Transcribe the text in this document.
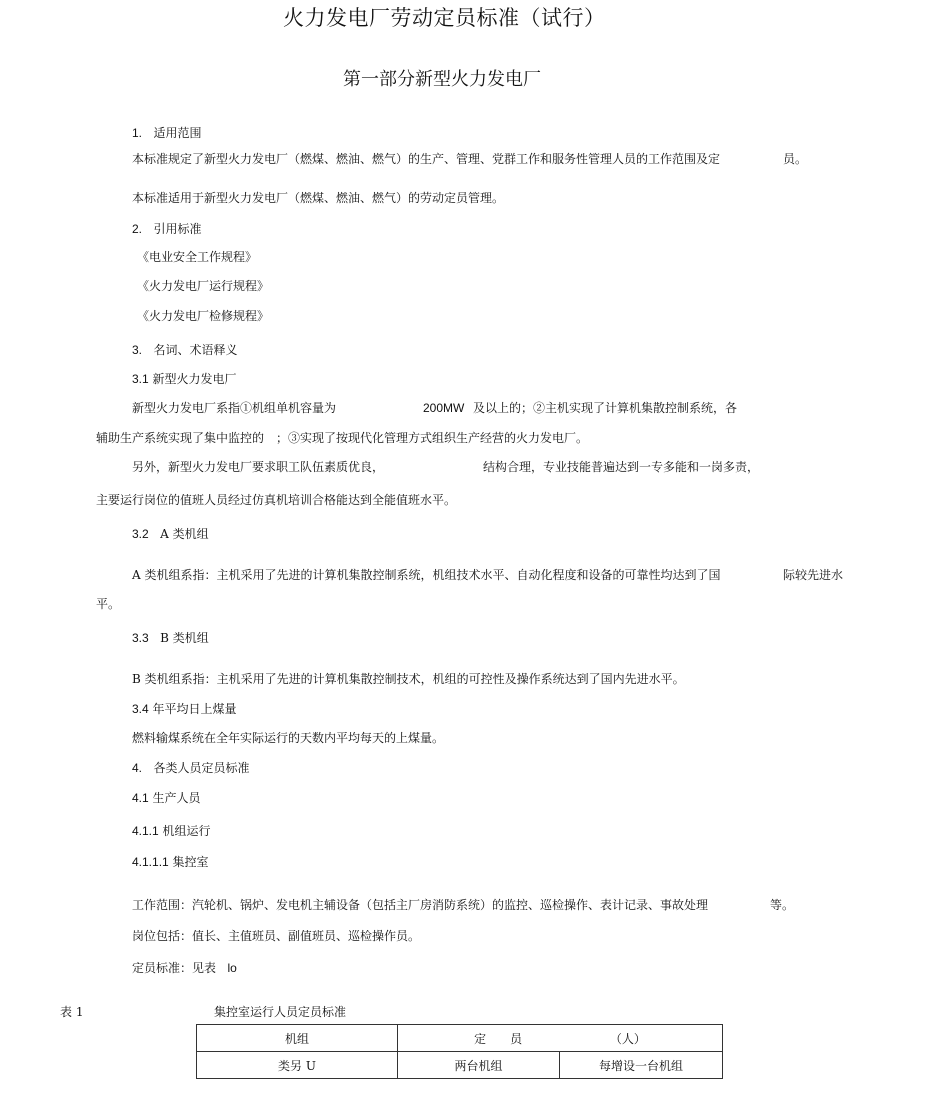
火力发电厂劳动定员标准（试行）

第一部分新型火力发电厂

1. 适用范围

本标准规定了新型火力发电厂（燃煤、燃油、燃气）的生产、管理、党群工作和服务性管理人员的工作范围及定	员。

本标准适用于新型火力发电厂（燃煤、燃油、燃气）的劳动定员管理。

2. 引用标准

《电业安全工作规程》

《火力发电厂运行规程》

《火力发电厂检修规程》

3. 名词、术语释义

3.1 新型火力发电厂

新型火力发电厂系指①机组单机容量为	200MW 及以上的；②主机实现了计算机集散控制系统，各

辅助生产系统实现了集中监控的　；③实现了按现代化管理方式组织生产经营的火力发电厂。

另外，新型火力发电厂要求职工队伍素质优良，	结构合理，专业技能普遍达到一专多能和一岗多责，

主要运行岗位的值班人员经过仿真机培训合格能达到全能值班水平。

3.2 A 类机组

A 类机组系指：主机采用了先进的计算机集散控制系统，机组技术水平、自动化程度和设备的可靠性均达到了国	际较先进水

平。

3.3 B 类机组

B 类机组系指：主机采用了先进的计算机集散控制技术，机组的可控性及操作系统达到了国内先进水平。

3.4 年平均日上煤量

燃料输煤系统在全年实际运行的天数内平均每天的上煤量。

4. 各类人员定员标准

4.1 生产人员

4.1.1 机组运行

4.1.1.1 集控室

工作范围：汽轮机、锅炉、发电机主辅设备（包括主厂房消防系统）的监控、巡检操作、表计记录、事故处理	等。

岗位包括：值长、主值班员、副值班员、巡检操作员。

定员标准：见表 lo

表 1	集控室运行人员定员标准

机组	定　　员 （人）	
类另 U	两台机组	每增设一台机组
